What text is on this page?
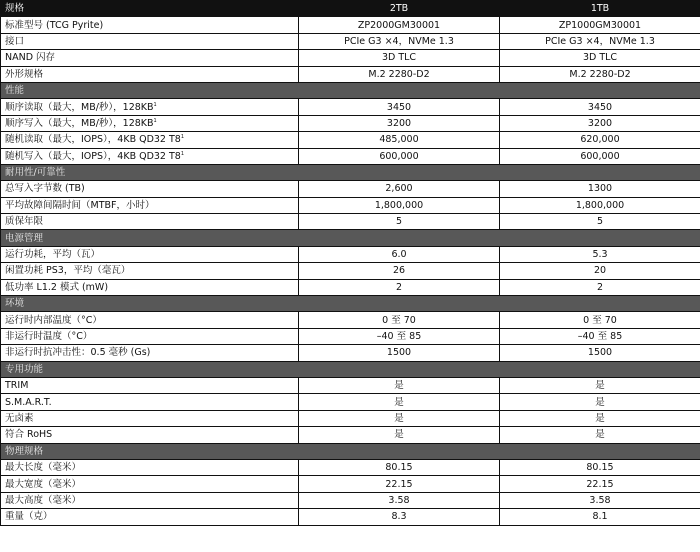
规格	2TB	1TB
标准型号 (TCG Pyrite)	ZP2000GM30001	ZP1000GM30001
接口	PCIe G3 ×4，NVMe 1.3	PCIe G3 ×4，NVMe 1.3
NAND 闪存	3D TLC	3D TLC
外形规格	M.2 2280-D2	M.2 2280-D2
性能		
顺序读取（最大，MB/秒），$128KB^1$	3450	3450
顺序写入（最大，MB/秒），$128KB^1$	3200	3200
随机读取（最大，IOPS），4KB QD32 $T8^1$	485,000	620,000
随机写入（最大，IOPS），4KB QD32 $T8^1$	600,000	600,000
耐用性/可靠性		
总写入字节数 (TB)	2,600	1300
平均故障间隔时间（MTBF，小时）	1,800,000	1,800,000
质保年限	5	5
电源管理		
运行功耗，平均（瓦）	6.0	5.3
闲置功耗 PS3，平均（毫瓦）	26	20
低功率 L1.2 模式 (mW)	2	2
环境		
运行时内部温度（°C）	0 至 70	0 至 70
非运行时温度（°C）	–40 至 85	–40 至 85
非运行时抗冲击性：0.5 毫秒 (Gs)	1500	1500
专用功能		
TRIM	是	是
S.M.A.R.T.	是	是
无卤素	是	是
符合 RoHS	是	是
物理规格		
最大长度（毫米）	80.15	80.15
最大宽度（毫米）	22.15	22.15
最大高度（毫米）	3.58	3.58
重量（克）	8.3	8.1
